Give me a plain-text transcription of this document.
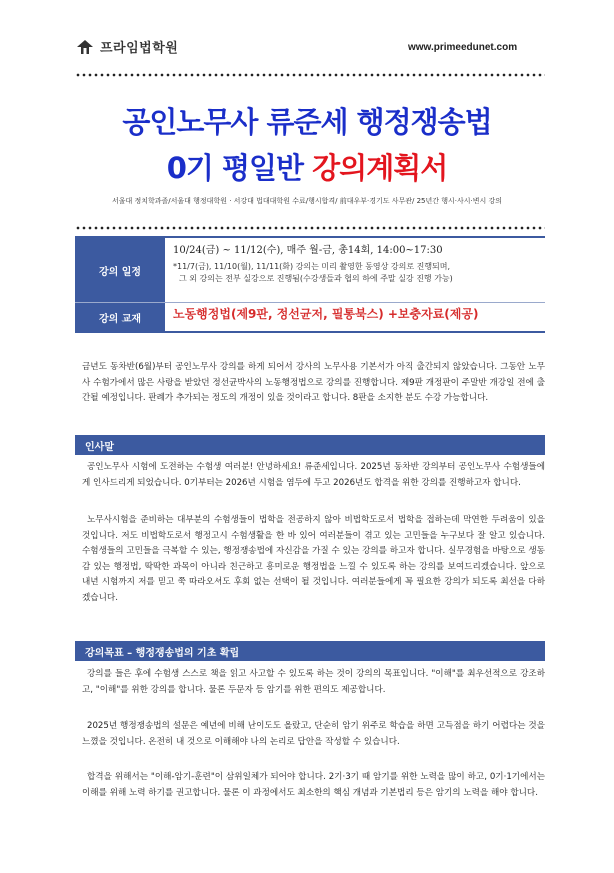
프라임법학원	www.primeedunet.com
공인노무사 류준세 행정쟁송법
0기 평일반 강의계획서
서울대 정치학과졸/서울대 행정대학원 · 서강대 법대대학원 수료/행시합격/ 前대우부·경기도 사무관/ 25년간 행시·사시·변시 강의
강의 일정
10/24(금) ~ 11/12(수), 매주 월-금, 총14회, 14:00~17:30
*11/7(금), 11/10(월), 11/11(화) 강의는 미리 촬영한 동영상 강의로 진행되며,
그 외 강의는 전부 실강으로 진행됨(수강생들과 협의 하에 주말 실강 진행 가능)
강의 교재	노동행정법(제9판, 정선균저, 필통북스) +보충자료(제공)
금년도 동차반(6월)부터 공인노무사 강의를 하게 되어서 강사의 노무사용 기본서가 아직 출간되지 않았습니다. 그동안 노무사 수험가에서 많은 사랑을 받았던 정선균박사의 노동행정법으로 강의를 진행합니다. 제9판 개정판이 주말반 개강일 전에 출간될 예정입니다. 판례가 추가되는 정도의 개정이 있을 것이라고 합니다. 8판을 소지한 분도 수강 가능합니다.
인사말
공인노무사 시험에 도전하는 수험생 여러분! 안녕하세요! 류준세입니다. 2025년 동차반 강의부터 공인노무사 수험생들에게 인사드리게 되었습니다. 0기부터는 2026년 시험을 염두에 두고 2026년도 합격을 위한 강의를 진행하고자 합니다.
노무사시험을 준비하는 대부분의 수험생들이 법학을 전공하지 않아 비법학도로서 법학을 접하는데 막연한 두려움이 있을 것입니다. 저도 비법학도로서 행정고시 수험생활을 한 바 있어 여러분들이 겪고 있는 고민들을 누구보다 잘 알고 있습니다. 수험생들의 고민들을 극복할 수 있는, 행정쟁송법에 자신감을 가질 수 있는 강의를 하고자 합니다. 실무경험을 바탕으로 생동감 있는 행정법, 딱딱한 과목이 아니라 친근하고 흥미로운 행정법을 느낄 수 있도록 하는 강의를 보여드리겠습니다. 앞으로 내년 시험까지 저를 믿고 쭉 따라오셔도 후회 없는 선택이 될 것입니다. 여러분들에게 꼭 필요한 강의가 되도록 최선을 다하겠습니다.
강의목표 – 행정쟁송법의 기초 확립
강의를 들은 후에 수험생 스스로 책을 읽고 사고할 수 있도록 하는 것이 강의의 목표입니다. "이해"를 최우선적으로 강조하고, "이해"를 위한 강의를 합니다. 물론 두문자 등 암기를 위한 편의도 제공합니다.
2025년 행정쟁송법의 설문은 예년에 비해 난이도도 올랐고, 단순히 암기 위주로 학습을 하면 고득점을 하기 어렵다는 것을 느꼈을 것입니다. 온전히 내 것으로 이해해야 나의 논리로 답안을 작성할 수 있습니다.
합격을 위해서는 "이해-암기-훈련"이 삼위일체가 되어야 합니다. 2기·3기 때 암기를 위한 노력을 많이 하고, 0기·1기에서는 이해를 위해 노력 하기를 권고합니다. 물론 이 과정에서도 최소한의 핵심 개념과 기본법리 등은 암기의 노력을 해야 합니다.
